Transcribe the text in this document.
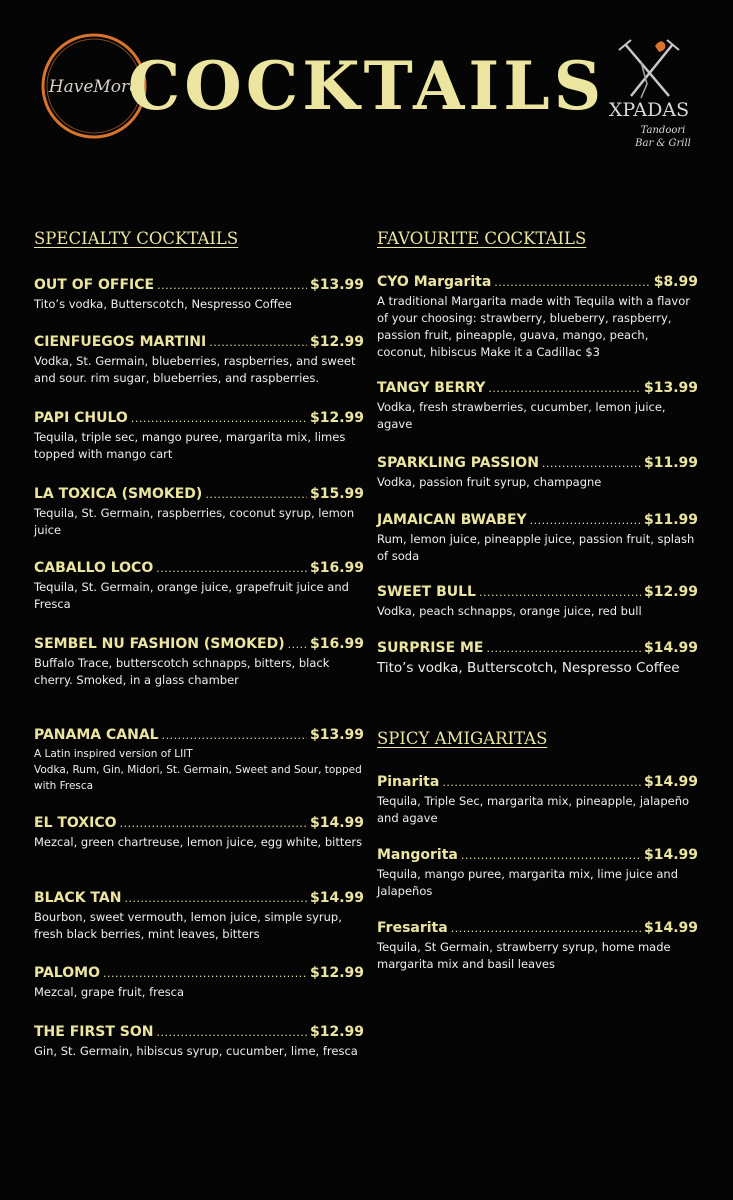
HaveMore
COCKTAILS XPADAS
Tandoori
Bar & Grill
SPECIALTY COCKTAILS
OUT OF OFFICE .....	$13.99
Tito’s vodka, Butterscotch, Nespresso Coffee
CIENFUEGOS MARTINI .....	$12.99
Vodka, St. Germain, blueberries, raspberries, and sweet and sour. rim sugar, blueberries, and raspberries.
PAPI CHULO .....	$12.99
Tequila, triple sec, mango puree, margarita mix, limes topped with mango cart
LA TOXICA (SMOKED) .....	$15.99
Tequila, St. Germain, raspberries, coconut syrup, lemon juice
CABALLO LOCO .....	$16.99
Tequila, St. Germain, orange juice, grapefruit juice and Fresca
SEMBEL NU FASHION (SMOKED) ..... $16.99
Buffalo Trace, butterscotch schnapps, bitters, black cherry. Smoked, in a glass chamber
PANAMA CANAL .....	$13.99
A Latin inspired version of LIIT
Vodka, Rum, Gin, Midori, St. Germain, Sweet and Sour, topped with Fresca
EL TOXICO .....	$14.99
Mezcal, green chartreuse, lemon juice, egg white, bitters
BLACK TAN .....	$14.99
Bourbon, sweet vermouth, lemon juice, simple syrup, fresh black berries, mint leaves, bitters
PALOMO .....	$12.99
Mezcal, grape fruit, fresca
THE FIRST SON .....	$12.99
Gin, St. Germain, hibiscus syrup, cucumber, lime, fresca
FAVOURITE COCKTAILS
CYO Margarita .....	$8.99
A traditional Margarita made with Tequila with a flavor of your choosing: strawberry, blueberry, raspberry, passion fruit, pineapple, guava, mango, peach, coconut, hibiscus Make it a Cadillac $3
TANGY BERRY .....	$13.99
Vodka, fresh strawberries, cucumber, lemon juice, agave
SPARKLING PASSION .....	$11.99
Vodka, passion fruit syrup, champagne
JAMAICAN BWABEY .....	$11.99
Rum, lemon juice, pineapple juice, passion fruit, splash of soda
SWEET BULL .....	$12.99
Vodka, peach schnapps, orange juice, red bull
SURPRISE ME .....	$14.99
Tito’s vodka, Butterscotch, Nespresso Coffee
SPICY AMIGARITAS
Pinarita .....	$14.99
Tequila, Triple Sec, margarita mix, pineapple, jalapeño and agave
Mangorita .....	$14.99
Tequila, mango puree, margarita mix, lime juice and Jalapeños
Fresarita .....	$14.99
Tequila, St Germain, strawberry syrup, home made margarita mix and basil leaves
